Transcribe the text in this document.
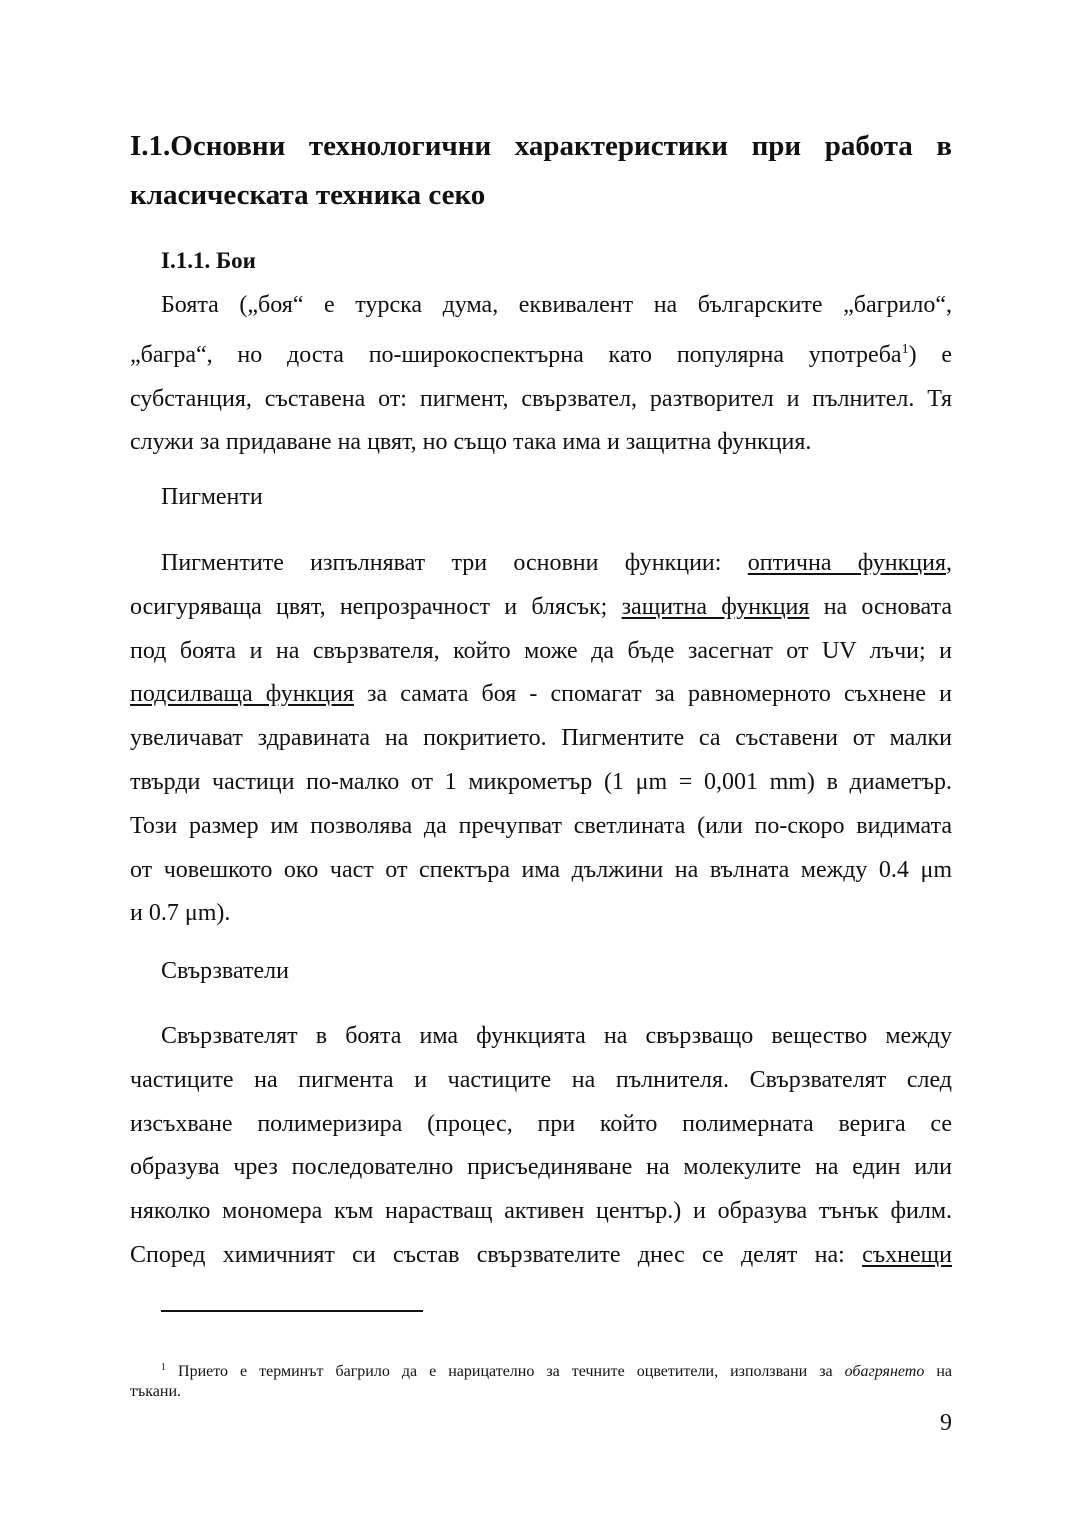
I.1.Основни технологични характеристики при работа в
класическата техника секо
I.1.1. Бои
Боята („боя“ е турска дума, еквивалент на българските „багрило“,
„багра“, но доста по-широкоспектърна като популярна употреба$^1$) е
субстанция, съставена от: пигмент, свързвател, разтворител и пълнител. Тя
служи за придаване на цвят, но също така има и защитна функция.
Пигменти
Пигментите изпълняват три основни функции: оптична функция,
осигуряваща цвят, непрозрачност и блясък; защитна функция на основата
под боята и на свързвателя, който може да бъде засегнат от UV лъчи; и
подсилваща функция за самата боя - спомагат за равномерното съхнене и
увеличават здравината на покритието. Пигментите са съставени от малки
твърди частици по-малко от 1 микрометър (1 μm = 0,001 mm) в диаметър.
Този размер им позволява да пречупват светлината (или по-скоро видимата
от човешкото око част от спектъра има дължини на вълната между 0.4 μm
и 0.7 μm).
Свързватели
Свързвателят в боята има функцията на свързващо вещество между
частиците на пигмента и частиците на пълнителя. Свързвателят след
изсъхване полимеризира (процес, при който полимерната верига се
образува чрез последователно присъединяване на молекулите на един или
няколко мономера към нарастващ активен център.) и образува тънък филм.
Според химичният си състав свързвателите днес се делят на: съхнещи
$^1$ Прието е терминът багрило да е нарицателно за течните оцветители, използвани за обагрянето на
тъкани.
9
